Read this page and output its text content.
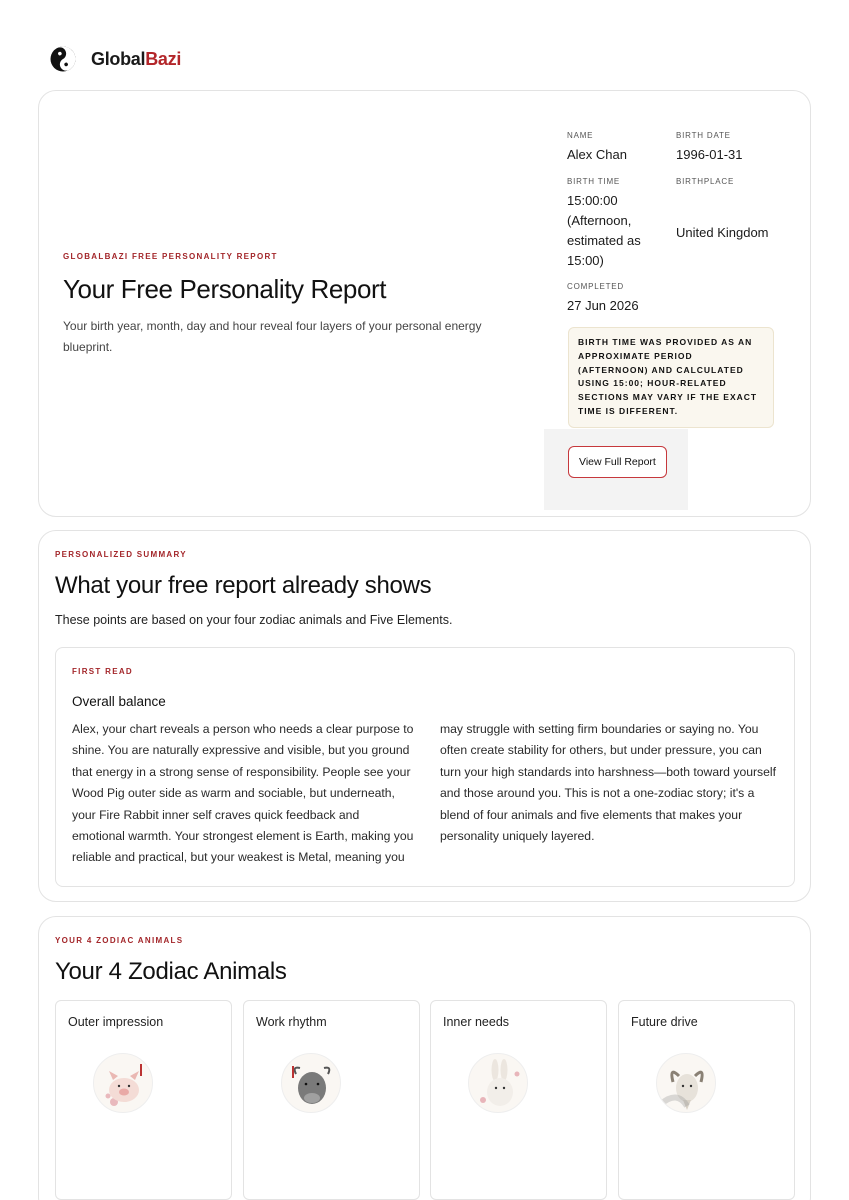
GlobalBazi
GLOBALBAZI FREE PERSONALITY REPORT
Your Free Personality Report

Your birth year, month, day and hour reveal four layers of your personal energy blueprint.

NAME
Alex Chan
BIRTH DATE
1996-01-31
BIRTH TIME
15:00:00 (Afternoon, estimated as 15:00)
BIRTHPLACE
United Kingdom
COMPLETED
27 Jun 2026
BIRTH TIME WAS PROVIDED AS AN APPROXIMATE PERIOD (AFTERNOON) AND CALCULATED USING 15:00; HOUR-RELATED SECTIONS MAY VARY IF THE EXACT TIME IS DIFFERENT.
View Full Report
PERSONALIZED SUMMARY
What your free report already shows

These points are based on your four zodiac animals and Five Elements.

FIRST READ
Overall balance
Alex, your chart reveals a person who needs a clear purpose to shine. You are naturally expressive and visible, but you ground that energy in a strong sense of responsibility. People see your Wood Pig outer side as warm and sociable, but underneath, your Fire Rabbit inner self craves quick feedback and emotional warmth. Your strongest element is Earth, making you reliable and practical, but your weakest is Metal, meaning you may struggle with setting firm boundaries or saying no. You often create stability for others, but under pressure, you can turn your high standards into harshness—both toward yourself and those around you. This is not a one-zodiac story; it's a blend of four animals and five elements that makes your personality uniquely layered.
YOUR 4 ZODIAC ANIMALS
Your 4 Zodiac Animals
Outer impression	Work rhythm	Inner needs	Future drive
